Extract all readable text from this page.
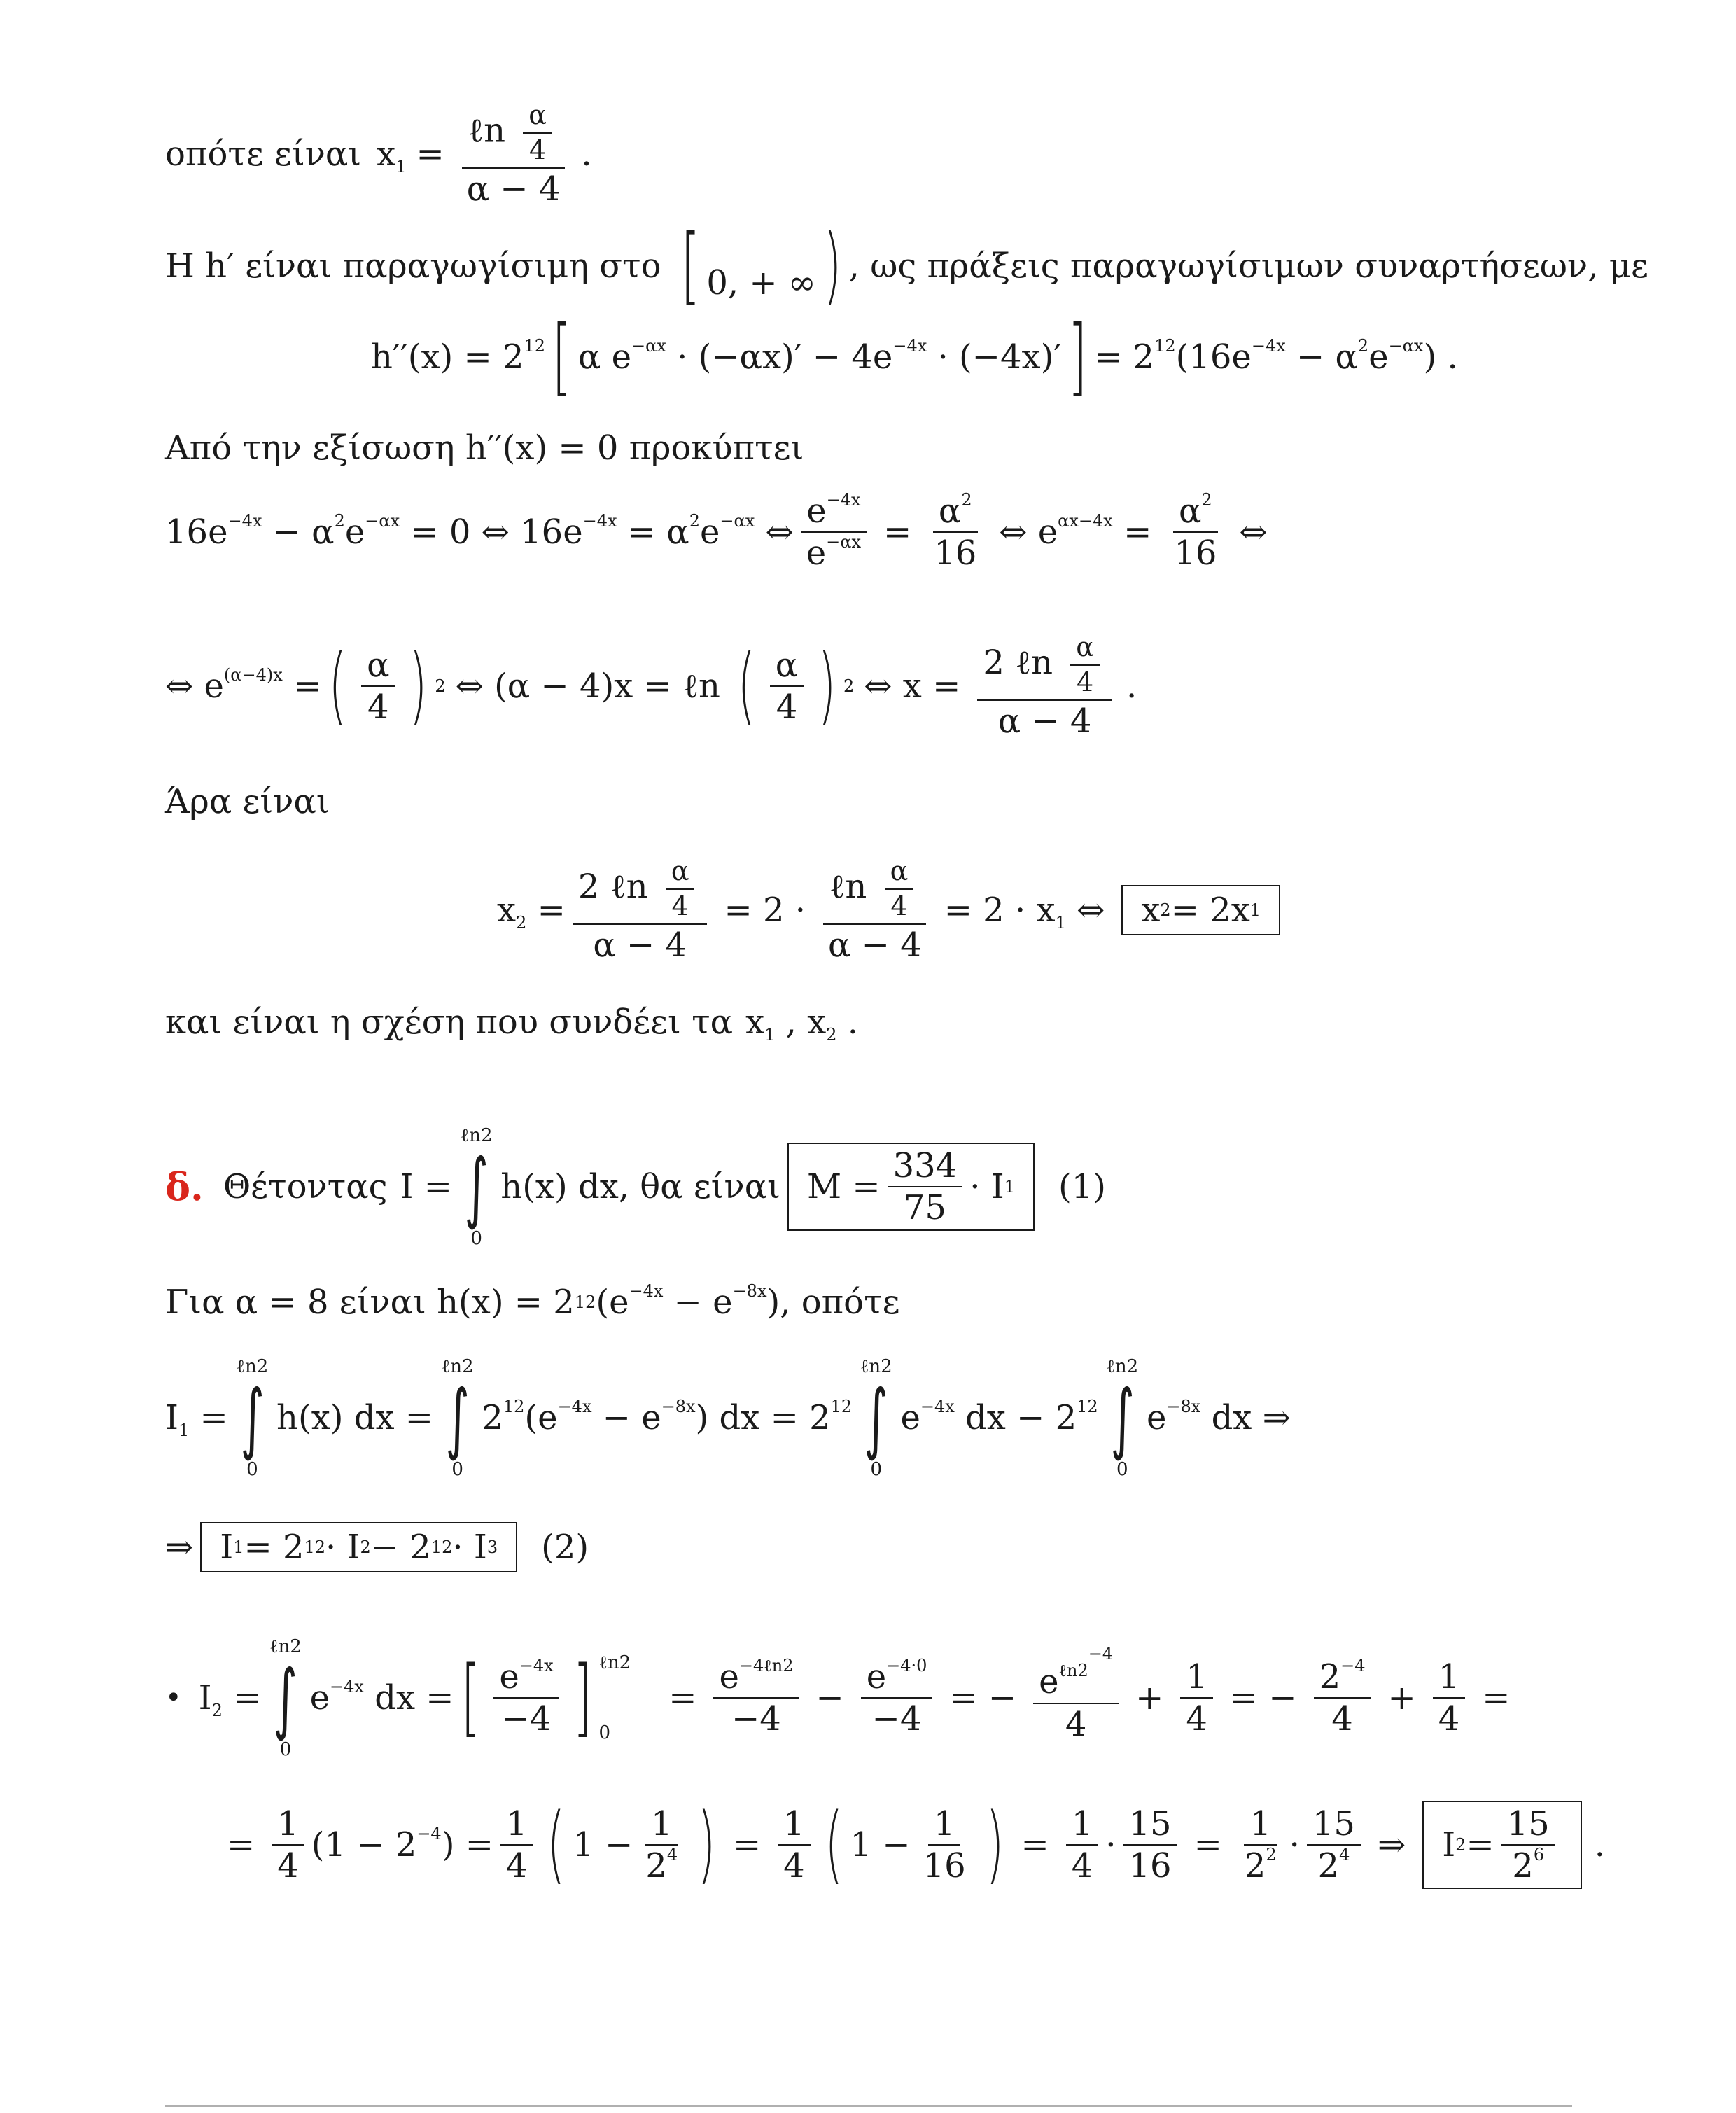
οπότε είναι $x_1 = \frac{\ell n \frac{\alpha}{4}}{\alpha - 4}$ .
Η h′ είναι παραγωγίσιμη στο [ 0, + ∞) , ως πράξεις παραγωγίσιμων συναρτήσεων, με
$h''(x) = 2^{12}$ [ α $e^{-\alpha x} \cdot (-\alpha x)' - 4e^{-4x} \cdot (-4x)'$ ] = $2^{12}(16e^{-4x} - \alpha^2e^{-\alpha x})$ .
Από την εξίσωση h′′(x) = 0 προκύπτει
$16e^{-4x} - \alpha^2e^{-\alpha x} = 0$ ⇔ $16e^{-4x} = \alpha^2e^{-\alpha x}$ ⇔ $\frac{e^{-4x}}{e^{-\alpha x}} = \frac{\alpha^2}{16}$ ⇔ $e^{\alpha x-4x} = \frac{\alpha^2}{16}$ ⇔
⇔ $e^{(\alpha-4)x}$ = ( $\frac{\alpha}{4}$ ) 2 ⇔ (α − 4)x = ℓn ( $\frac{\alpha}{4}$ ) 2 ⇔ $x = \frac{2 \ell n \frac{\alpha}{4}}{\alpha - 4}$ .
Άρα είναι
$x_2 = \frac{2 \ell n \frac{\alpha}{4}}{\alpha - 4} = 2 \cdot \frac{\ell n \frac{\alpha}{4}}{\alpha - 4} = 2 \cdot x_1$ ⇔	x 2 = 2x 1
και είναι η σχέση που συνδέει τα $x_1$ , $x_2$ .
δ. Θέτοντας I =
ℓn2
∫
0
h(x) dx , θα είναι $M = \frac{334}{75} \cdot I$ 1 (1)
Για α = 8 είναι h(x) = 2 12 $(e^{-4x} - e^{-8x})$ , οπότε
$I_1$ =
ℓn2
∫
0
h(x) dx =
ℓn2
∫
0
$2^{12}(e^{-4x} - e^{-8x})$ dx = $2^{12}$
ℓn2
∫
0
$e^{-4x}$ dx − $2^{12}$
ℓn2
∫
0
$e^{-8x}$ dx ⇒
⇒ I 1 = 2 12 · I 2 − 2 12 · I 3 (2)
• $I_2$ =
ℓn2
∫
0
$e^{-4x}$ dx = [ $\frac{e^{-4x}}{-4}$ ] ℓn2
0
= $\frac{e^{-4\ell n2}}{-4} - \frac{e^{-4\cdot 0}}{-4}$ = − $\frac{e^{\ell n2^{-4}}}{4} + \frac{1}{4}$ = − $\frac{2^{-4}}{4} + \frac{1}{4}$ =
= $\frac{1}{4} (1 - 2^{-4}) = \frac{1}{4}$ ( $1 - \frac{1}{2^4}$ ) = $\frac{1}{4}$ ( $1 - \frac{1}{16}$ ) = $\frac{1}{4} \cdot \frac{15}{16} = \frac{1}{2^2} \cdot \frac{15}{2^4}$ ⇒	I $2 = \frac{15}{2^6}$ .
